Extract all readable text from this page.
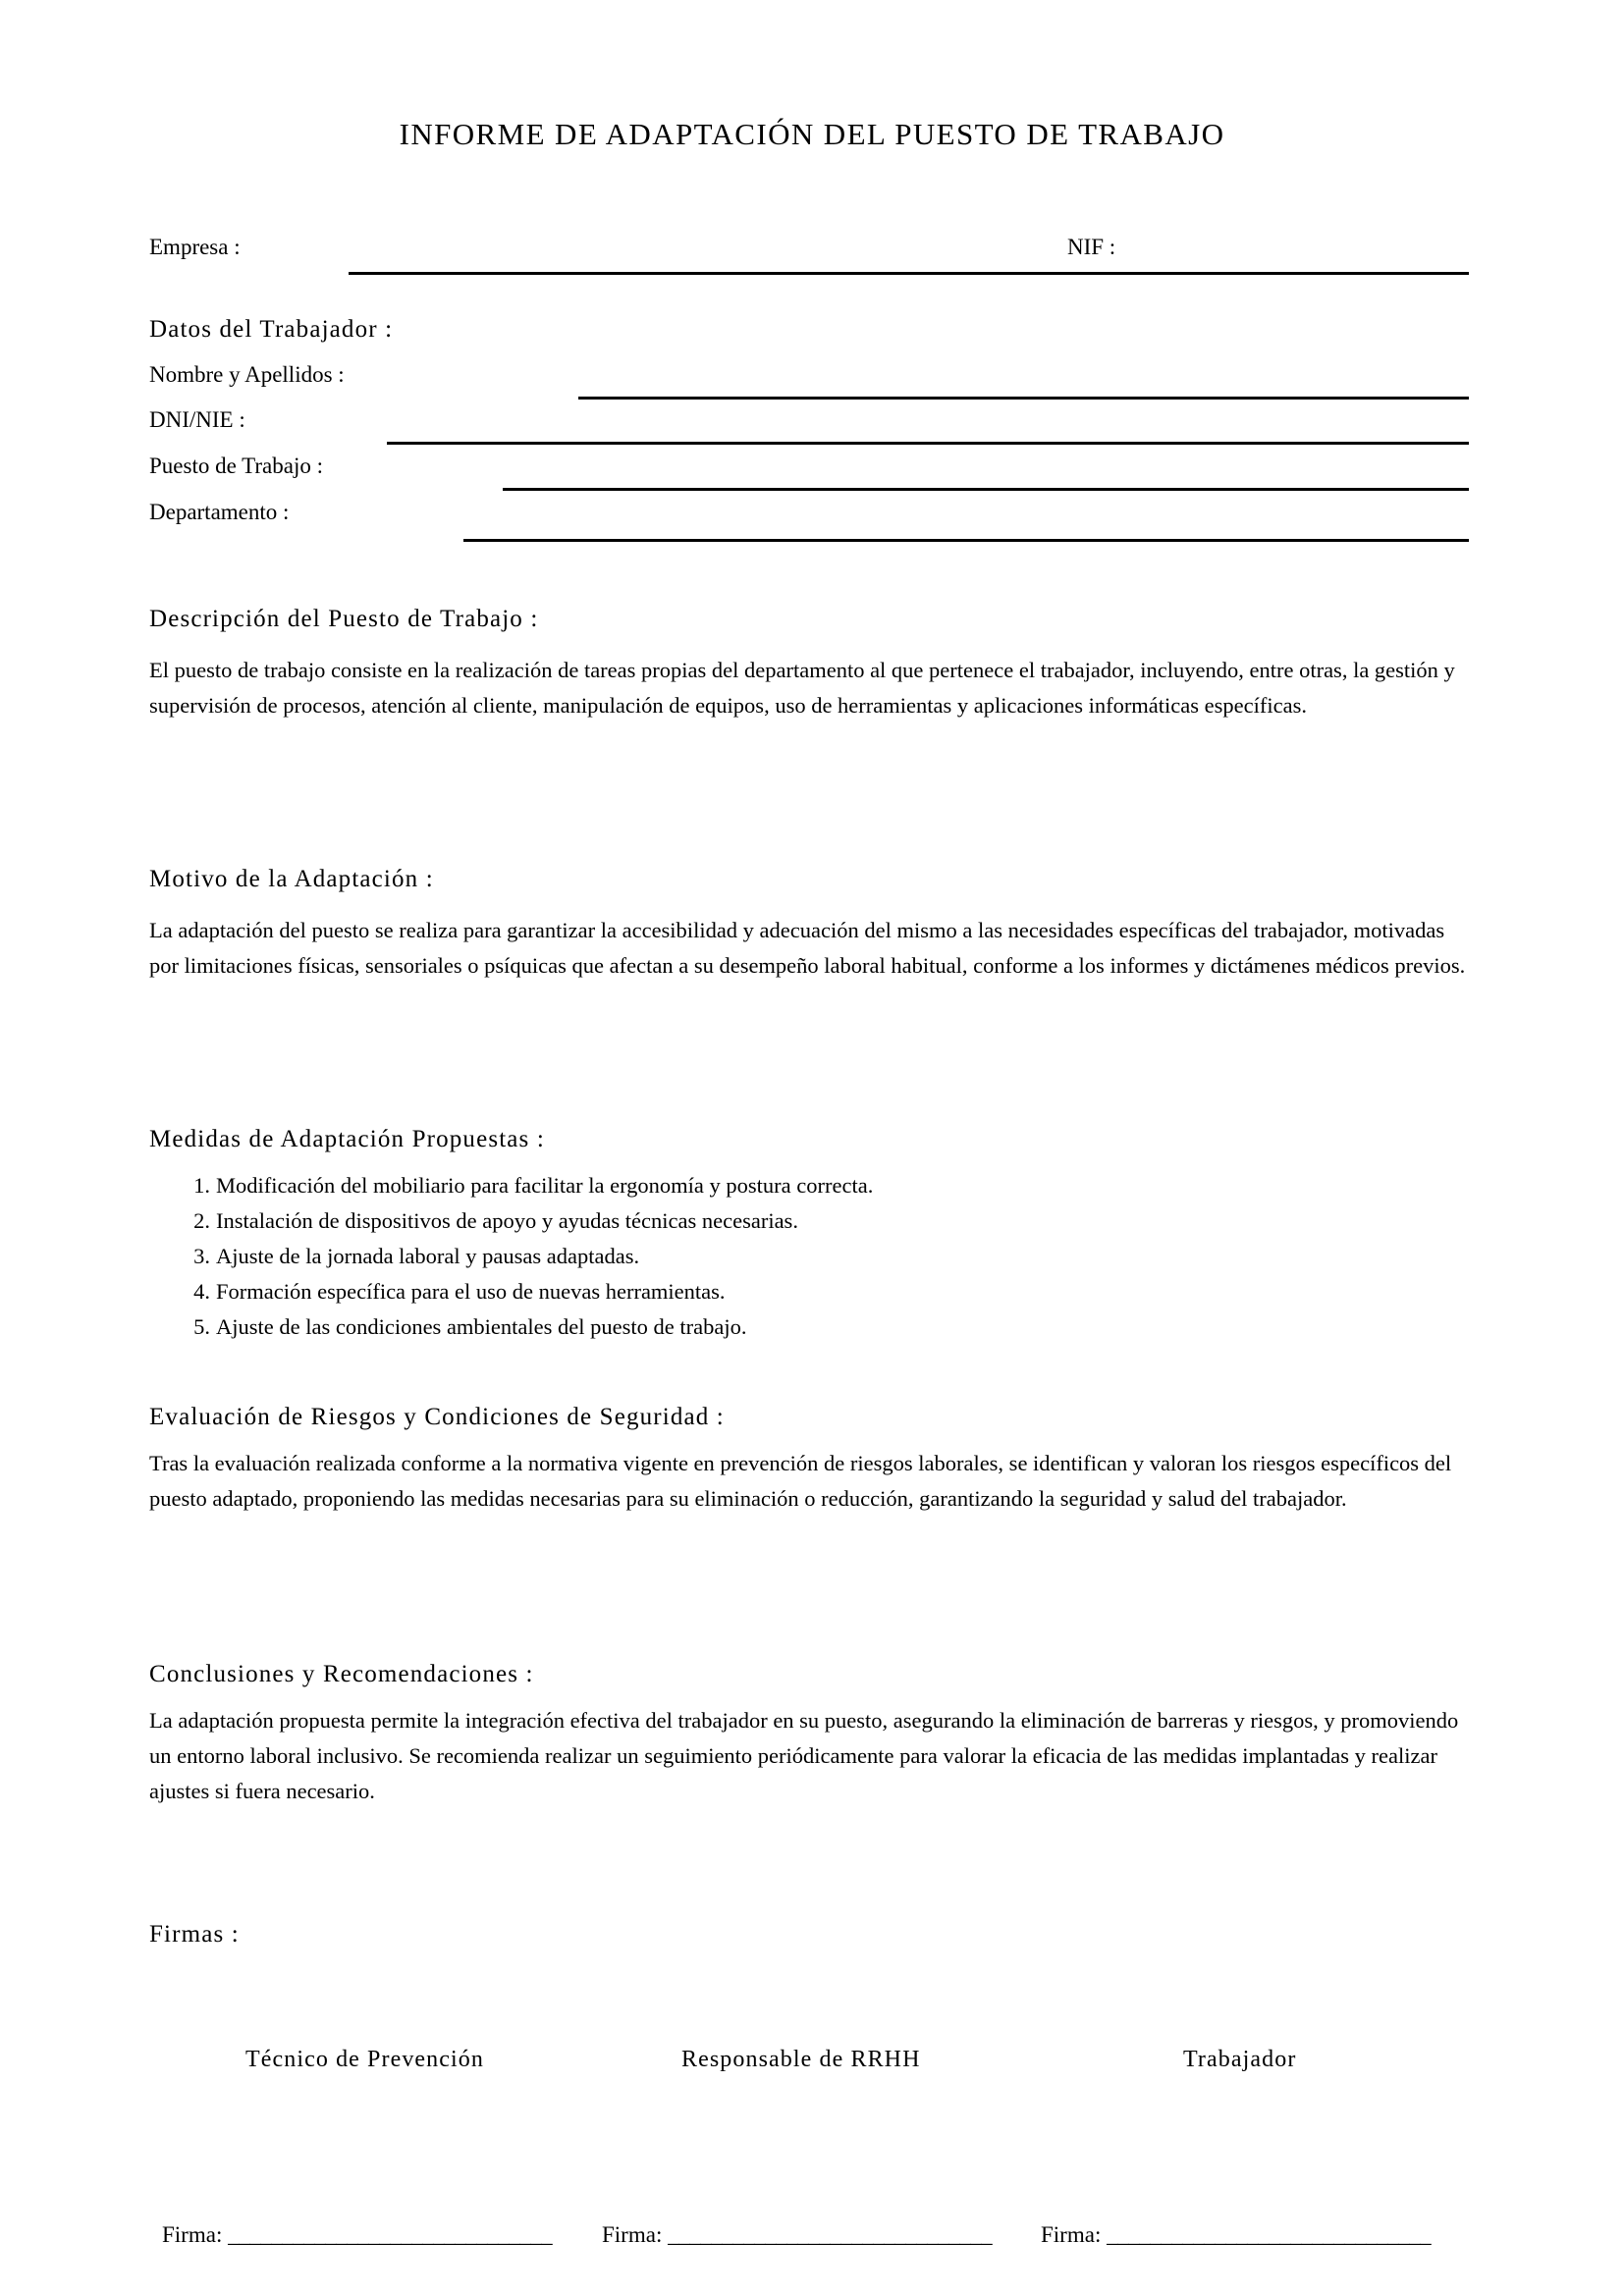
INFORME DE ADAPTACIÓN DEL PUESTO DE TRABAJO
Empresa :	NIF :
Datos del Trabajador :
Nombre y Apellidos :
DNI/NIE :
Puesto de Trabajo :
Departamento :
Descripción del Puesto de Trabajo :

El puesto de trabajo consiste en la realización de tareas propias del departamento al que pertenece el trabajador, incluyendo, entre otras, la gestión y supervisión de procesos, atención al cliente, manipulación de equipos, uso de herramientas y aplicaciones informáticas específicas.

Motivo de la Adaptación :

La adaptación del puesto se realiza para garantizar la accesibilidad y adecuación del mismo a las necesidades específicas del trabajador, motivadas por limitaciones físicas, sensoriales o psíquicas que afectan a su desempeño laboral habitual, conforme a los informes y dictámenes médicos previos.

Medidas de Adaptación Propuestas :
1. Modificación del mobiliario para facilitar la ergonomía y postura correcta.
2. Instalación de dispositivos de apoyo y ayudas técnicas necesarias.
3. Ajuste de la jornada laboral y pausas adaptadas.
4. Formación específica para el uso de nuevas herramientas.
5. Ajuste de las condiciones ambientales del puesto de trabajo.
Evaluación de Riesgos y Condiciones de Seguridad :

Tras la evaluación realizada conforme a la normativa vigente en prevención de riesgos laborales, se identifican y valoran los riesgos específicos del puesto adaptado, proponiendo las medidas necesarias para su eliminación o reducción, garantizando la seguridad y salud del trabajador.

Conclusiones y Recomendaciones :

La adaptación propuesta permite la integración efectiva del trabajador en su puesto, asegurando la eliminación de barreras y riesgos, y promoviendo un entorno laboral inclusivo. Se recomienda realizar un seguimiento periódicamente para valorar la eficacia de las medidas implantadas y realizar ajustes si fuera necesario.

Firmas :
Técnico de Prevención	Responsable de RRHH	Trabajador
Firma: ______________________________ Firma: ______________________________ Firma: ______________________________
